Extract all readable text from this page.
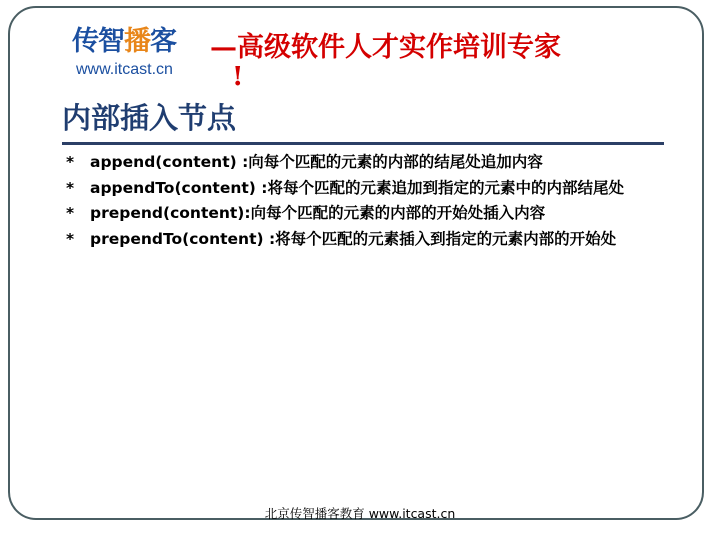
传智播客
www.itcast.cn
—高级软件人才实作培训专家
!
内部插入节点
* append(content) :向每个匹配的元素的内部的结尾处追加内容
* appendTo(content) :将每个匹配的元素追加到指定的元素中的内部结尾处
* prepend(content):向每个匹配的元素的内部的开始处插入内容
* prependTo(content) :将每个匹配的元素插入到指定的元素内部的开始处
北京传智播客教育 www.itcast.cn
